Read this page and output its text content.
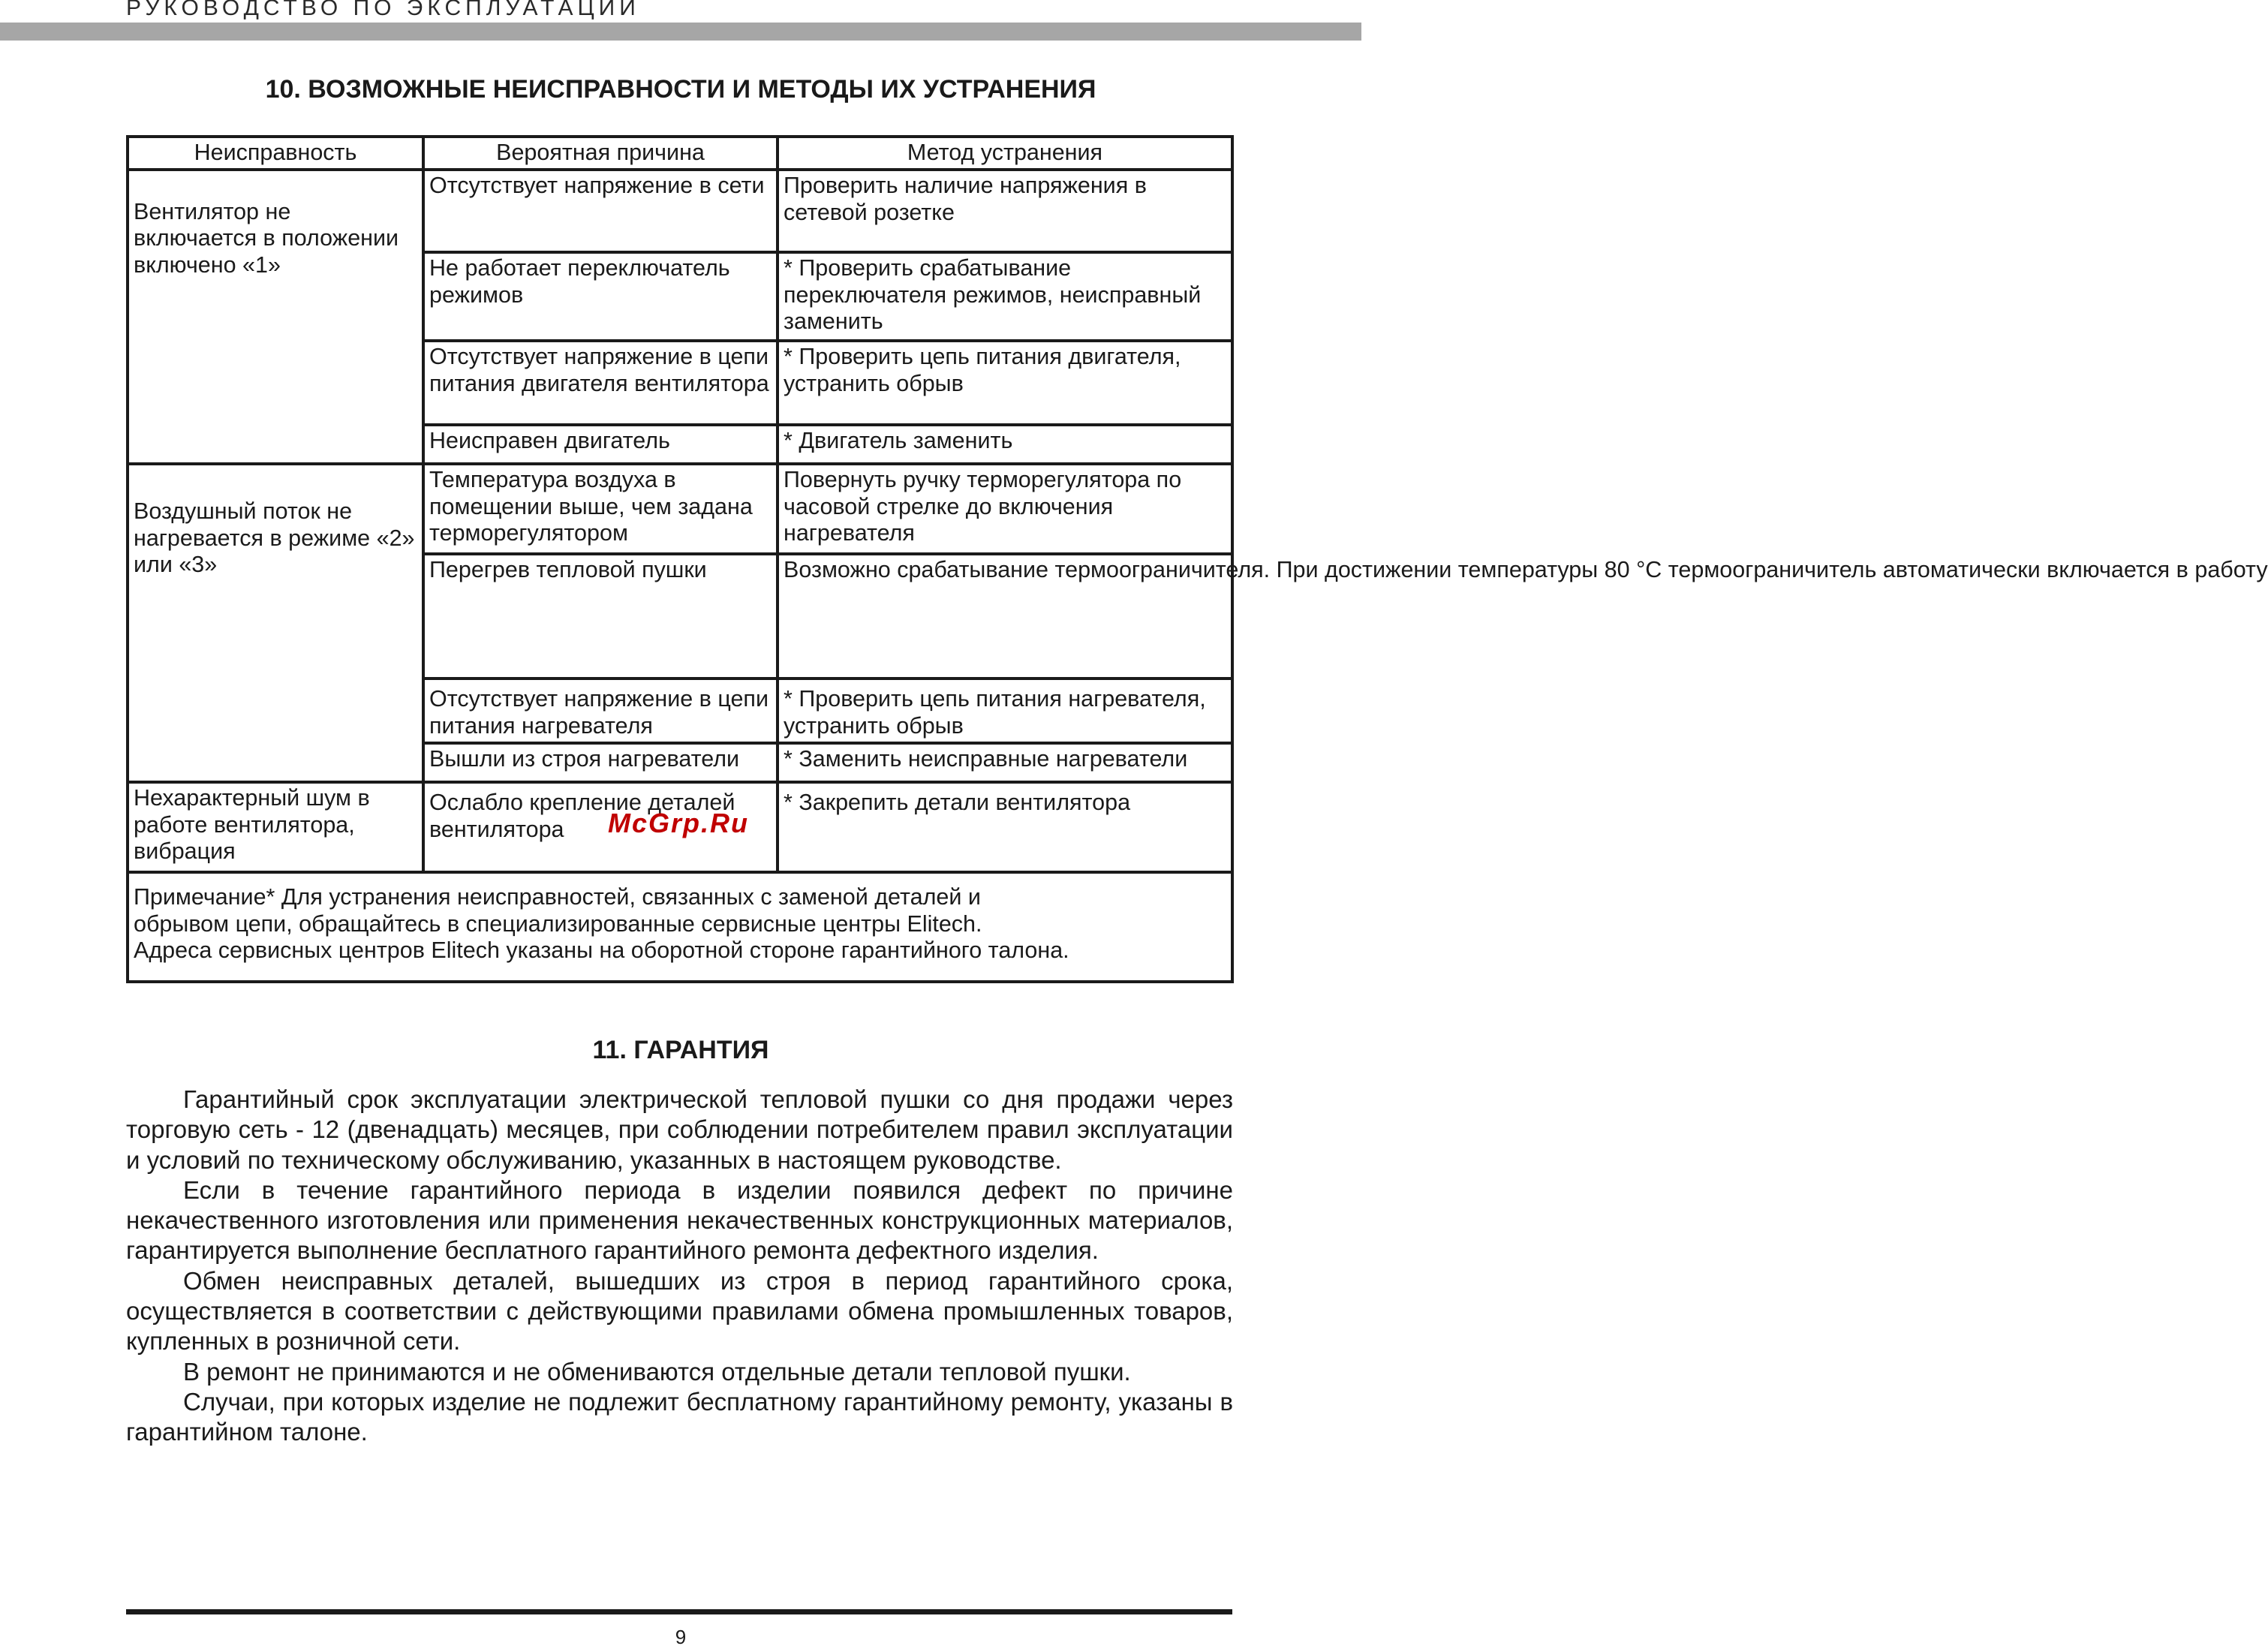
РУКОВОДСТВО ПО ЭКСПЛУАТАЦИИ
10. ВОЗМОЖНЫЕ НЕИСПРАВНОСТИ И МЕТОДЫ ИХ УСТРАНЕНИЯ
Неисправность	Вероятная причина	Метод устранения
Вентилятор не включается в положении включено «1»	Отсутствует напряжение в сети	Проверить наличие напряжения в сетевой розетке
	Не работает переключатель режимов	* Проверить срабатывание переключателя режимов, неисправный заменить
	Отсутствует напряжение в цепи питания двигателя вентилятора	* Проверить цепь питания двигателя, устранить обрыв
	Неисправен двигатель	* Двигатель заменить
Воздушный поток не нагревается в режиме «2» или «3»	Температура воздуха в помещении выше, чем задана терморегулятором	Повернуть ручку терморегулятора по часовой стрелке до включения нагревателя
	Перегрев тепловой пушки	Возможно срабатывание термоограничителя. При достижении температуры 80 °С термоограничитель автоматически включается в работу
	Отсутствует напряжение в цепи питания нагревателя	* Проверить цепь питания нагревателя, устранить обрыв
	Вышли из строя нагреватели	* Заменить неисправные нагреватели
Нехарактерный шум в работе вентилятора, вибрация	Ослабло крепление деталей вентилятора	* Закрепить детали вентилятора

Примечание* Для устранения неисправностей, связанных с заменой деталей и
обрывом цепи, обращайтесь в специализированные сервисные центры Elitech.
Адреса сервисных центров Elitech указаны на оборотной стороне гарантийного талона.		
McGrp.Ru
11. ГАРАНТИЯ

Гарантийный срок эксплуатации электрической тепловой пушки со дня продажи через торговую сеть - 12 (двенадцать) месяцев, при соблюдении потребителем правил эксплуатации и условий по техническому обслуживанию, указанных в настоящем руководстве.

Если в течение гарантийного периода в изделии появился дефект по причине некачественного изготовления или применения некачественных конструкционных материалов, гарантируется выполнение бесплатного гарантийного ремонта дефектного изделия.

Обмен неисправных деталей, вышедших из строя в период гарантийного срока, осуществляется в соответствии с действующими правилами обмена промышленных товаров, купленных в розничной сети.

В ремонт не принимаются и не обмениваются отдельные детали тепловой пушки.

Случаи, при которых изделие не подлежит бесплатному гарантийному ремонту, указаны в гарантийном талоне.

9
